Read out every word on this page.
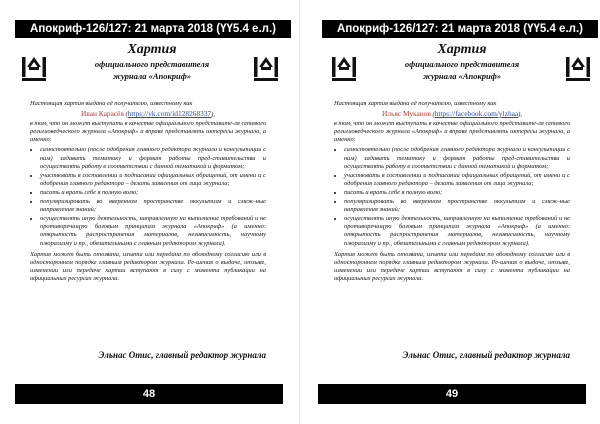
Апокриф-126/127: 21 марта 2018 (ҮҮ5.4 е.л.)
Хартия
официального представителя
журнала «Апокриф»

Настоящая хартия выдана её получателю, известному как

Иван Карасёв (https://vk.com/id128268337),

в том, что он может выступать в качестве официального представите-ля сетевого религиоведческого журнала «Апокриф» и вправе представлять интересы журнала, а именно:

• самостоятельно (после одобрения главного редактора журнала и консультации с ним) задавать тематику и формат работы пред-ставительства и осуществлять работу в соответствии с данной тематикой и форматом;
• участвовать в составлении и подписании официальных обращений, от имени и с одобрения главного редактора – делать заявления от лица журнала;
• писать и врать себе в полную волю;
• популяризировать во вверенном пространстве оккультизм и смеж-ные направления знаний;
• осуществлять иную деятельность, направленную на выполнение требований и не противоречащую базовым принципам журнала «Апокриф» (а именно: открытость распространения материалов, независимость, научному плюрализму и пр., обязательными с главным редактором журнала).

Хартия может быть отозвана, изъята или передана по обоюдному согласию или в одностороннем порядке главным редактором журнала. Ре-шения о выдаче, отзыве, изменении или передаче хартии вступают в силу с момента публикации на официальных ресурсах журнала.

Эльнас Отис, главный редактор журнала
48
Апокриф-126/127: 21 марта 2018 (ҮҮ5.4 е.л.)
Хартия
официального представителя
журнала «Апокриф»

Настоящая хартия выдана её получателю, известному как

Ильяс Муканов (https://facebook.com/ylzhaa),

в том, что он может выступать в качестве официального представите-ля сетевого религиоведческого журнала «Апокриф» и вправе представлять интересы журнала, а именно:

• самостоятельно (после одобрения главного редактора журнала и консультации с ним) задавать тематику и формат работы пред-ставительства и осуществлять работу в соответствии с данной тематикой и форматом;
• участвовать в составлении и подписании официальных обращений, от имени и с одобрения главного редактора – делать заявления от лица журнала;
• писать и врать себе в полную волю;
• популяризировать во вверенном пространстве оккультизм и смеж-ные направления знаний;
• осуществлять иную деятельность, направленную на выполнение требований и не противоречащую базовым принципам журнала «Апокриф» (а именно: открытость распространения материалов, независимость, научному плюрализму и пр., обязательными с главным редактором журнала).

Хартия может быть отозвана, изъята или передана по обоюдному согласию или в одностороннем порядке главным редактором журнала. Ре-шения о выдаче, отзыве, изменении или передаче хартии вступают в силу с момента публикации на официальных ресурсах журнала.

Эльнас Отис, главный редактор журнала
49
